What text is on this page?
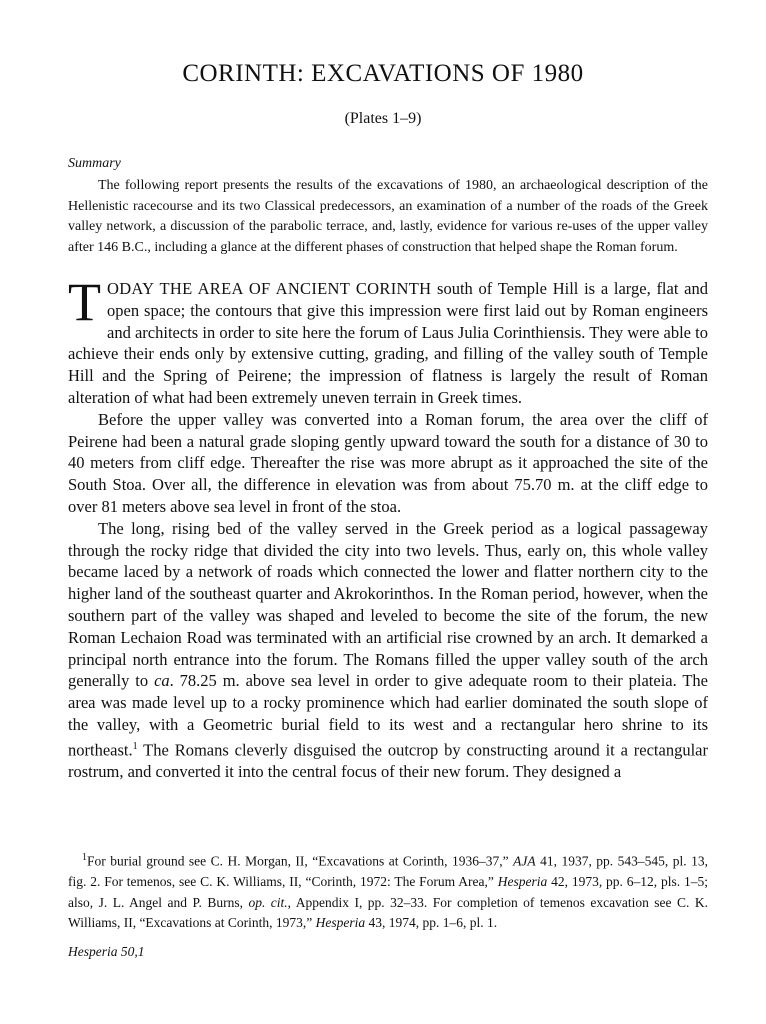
CORINTH: EXCAVATIONS OF 1980
(Plates 1–9)
Summary

The following report presents the results of the excavations of 1980, an archaeological description of the Hellenistic racecourse and its two Classical predecessors, an examination of a number of the roads of the Greek valley network, a discussion of the parabolic terrace, and, lastly, evidence for various re-uses of the upper valley after 146 B.C., including a glance at the different phases of construction that helped shape the Roman forum.

TODAY THE AREA OF ANCIENT CORINTH south of Temple Hill is a large, flat and open space; the contours that give this impression were first laid out by Roman engineers and architects in order to site here the forum of Laus Julia Corinthiensis. They were able to achieve their ends only by extensive cutting, grading, and filling of the valley south of Temple Hill and the Spring of Peirene; the impression of flatness is largely the result of Roman alteration of what had been extremely uneven terrain in Greek times.

Before the upper valley was converted into a Roman forum, the area over the cliff of Peirene had been a natural grade sloping gently upward toward the south for a distance of 30 to 40 meters from cliff edge. Thereafter the rise was more abrupt as it approached the site of the South Stoa. Over all, the difference in elevation was from about 75.70 m. at the cliff edge to over 81 meters above sea level in front of the stoa.

The long, rising bed of the valley served in the Greek period as a logical passageway through the rocky ridge that divided the city into two levels. Thus, early on, this whole valley became laced by a network of roads which connected the lower and flatter northern city to the higher land of the southeast quarter and Akrokorinthos. In the Roman period, however, when the southern part of the valley was shaped and leveled to become the site of the forum, the new Roman Lechaion Road was terminated with an artificial rise crowned by an arch. It demarked a principal north entrance into the forum. The Romans filled the upper valley south of the arch generally to ca. 78.25 m. above sea level in order to give adequate room to their plateia. The area was made level up to a rocky prominence which had earlier dominated the south slope of the valley, with a Geometric burial field to its west and a rectangular hero shrine to its northeast.$^1$ The Romans cleverly disguised the outcrop by constructing around it a rectangular rostrum, and converted it into the central focus of their new forum. They designed a

$^1$For burial ground see C. H. Morgan, II, “Excavations at Corinth, 1936–37,” AJA 41, 1937, pp. 543–545, pl. 13, fig. 2. For temenos, see C. K. Williams, II, “Corinth, 1972: The Forum Area,” Hesperia 42, 1973, pp. 6–12, pls. 1–5; also, J. L. Angel and P. Burns, op. cit., Appendix I, pp. 32–33. For completion of temenos excavation see C. K. Williams, II, “Excavations at Corinth, 1973,” Hesperia 43, 1974, pp. 1–6, pl. 1.

Hesperia 50,1
